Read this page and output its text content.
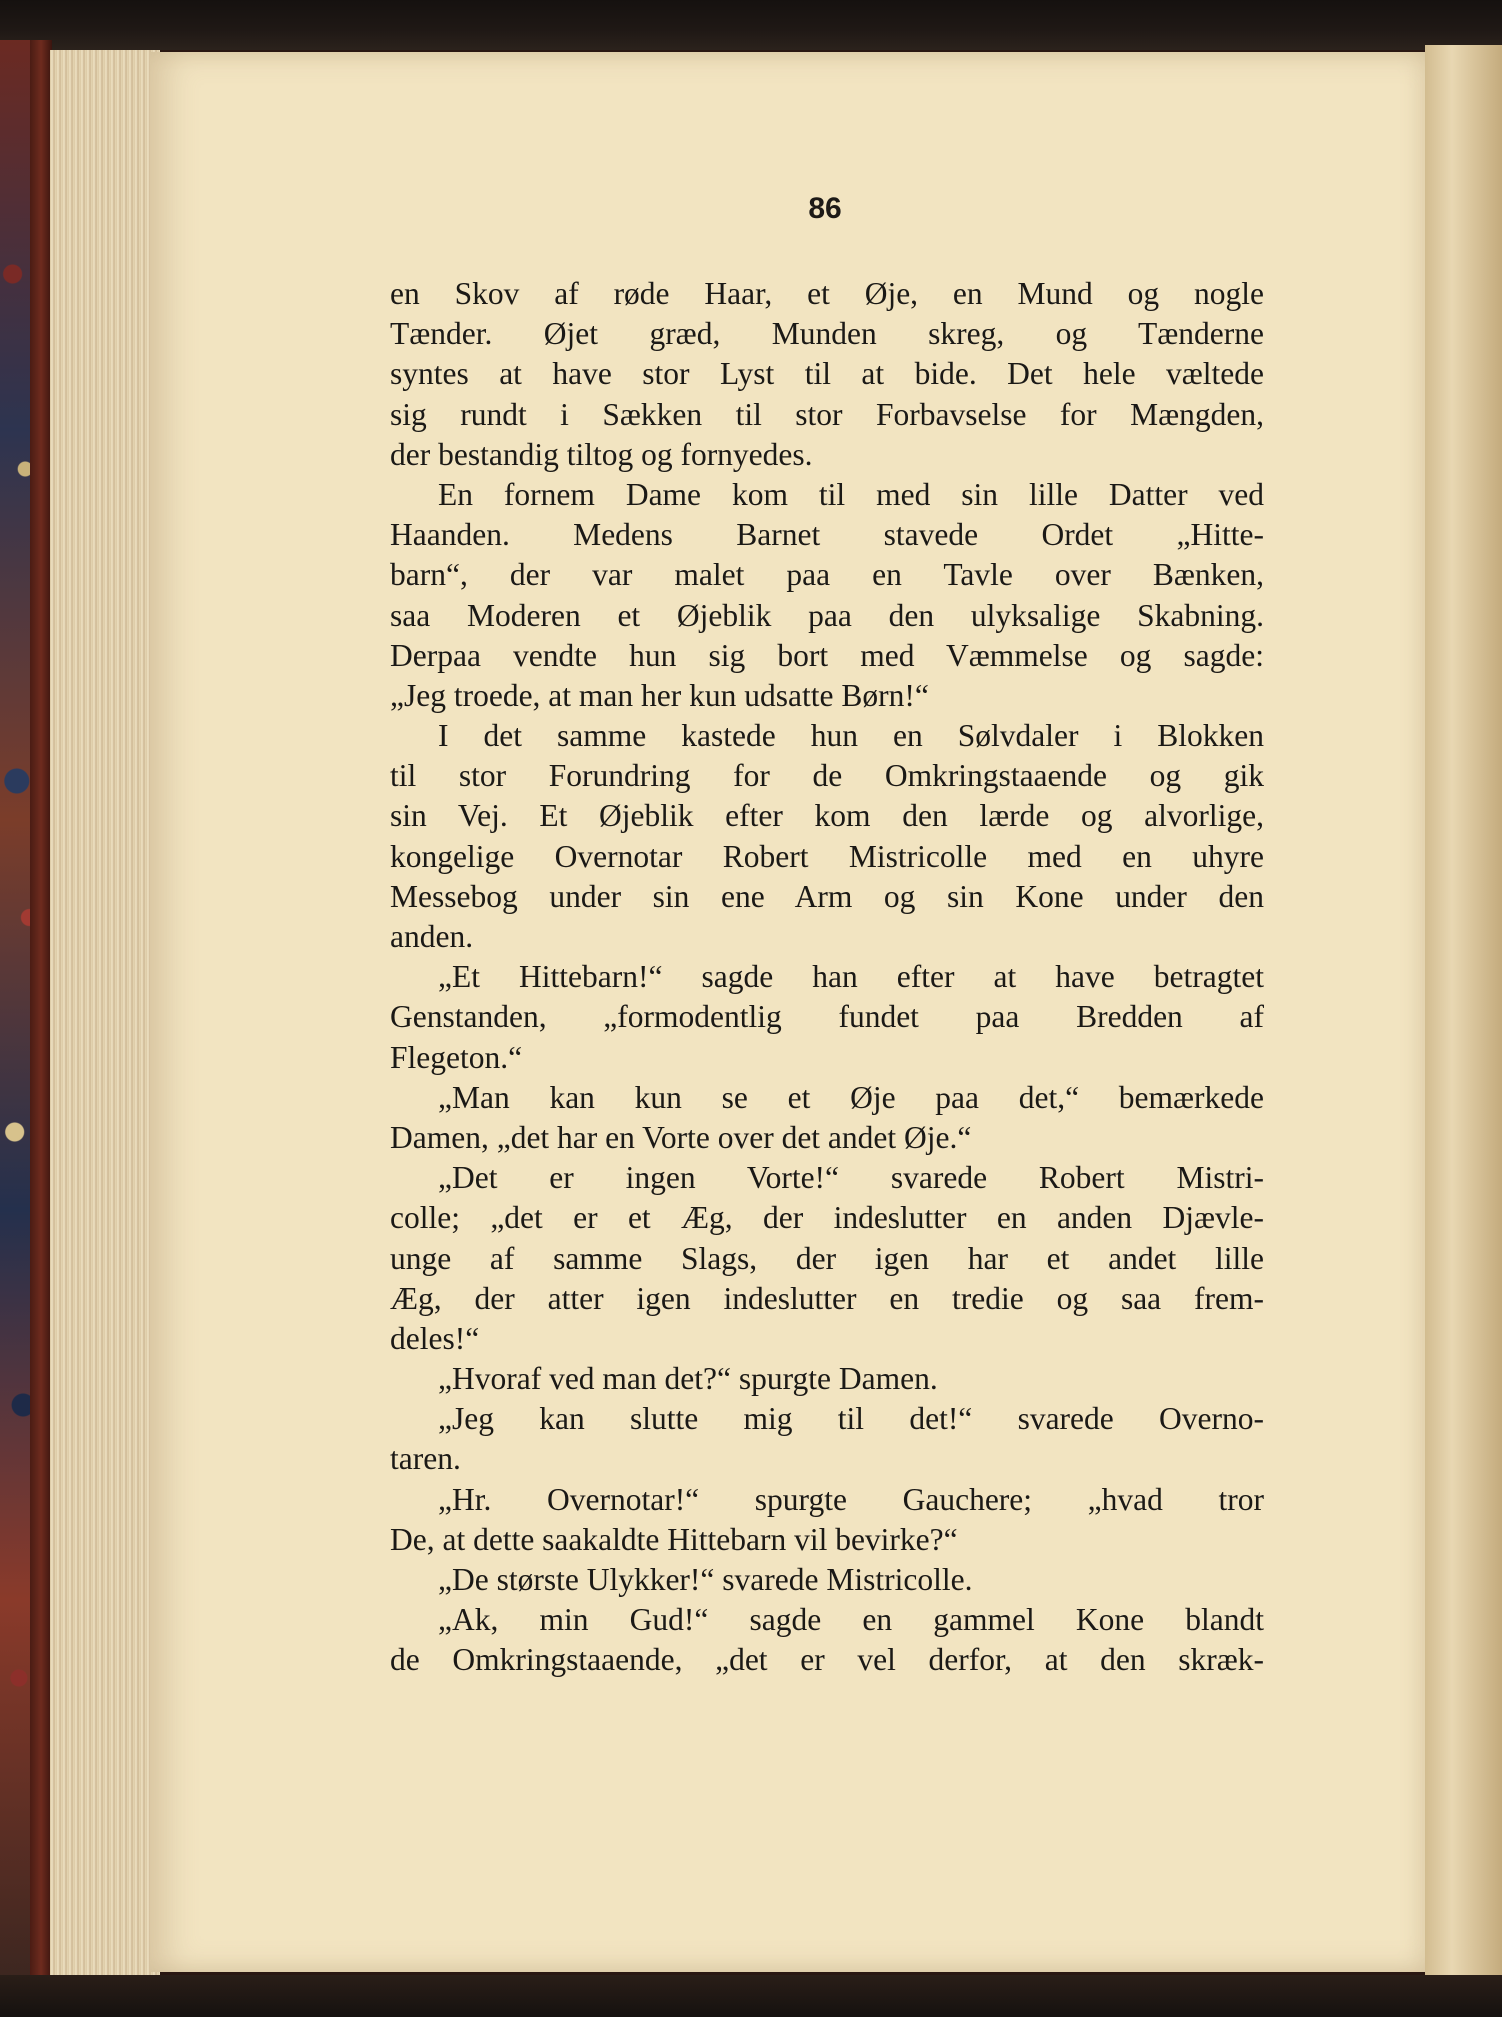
86
en Skov af røde Haar, et Øje, en Mund og nogle
Tænder. Øjet græd, Munden skreg, og Tænderne
syntes at have stor Lyst til at bide. Det hele væltede
sig rundt i Sækken til stor Forbavselse for Mængden,
der bestandig tiltog og fornyedes.
En fornem Dame kom til med sin lille Datter ved
Haanden. Medens Barnet stavede Ordet „Hitte-
barn“, der var malet paa en Tavle over Bænken,
saa Moderen et Øjeblik paa den ulyksalige Skabning.
Derpaa vendte hun sig bort med Væmmelse og sagde:
„Jeg troede, at man her kun udsatte Børn!“
I det samme kastede hun en Sølvdaler i Blokken
til stor Forundring for de Omkringstaaende og gik
sin Vej. Et Øjeblik efter kom den lærde og alvorlige,
kongelige Overnotar Robert Mistricolle med en uhyre
Messebog under sin ene Arm og sin Kone under den
anden.
„Et Hittebarn!“ sagde han efter at have betragtet
Genstanden, „formodentlig fundet paa Bredden af
Flegeton.“
„Man kan kun se et Øje paa det,“ bemærkede
Damen, „det har en Vorte over det andet Øje.“
„Det er ingen Vorte!“ svarede Robert Mistri-
colle; „det er et Æg, der indeslutter en anden Djævle-
unge af samme Slags, der igen har et andet lille
Æg, der atter igen indeslutter en tredie og saa frem-
deles!“
„Hvoraf ved man det?“ spurgte Damen.
„Jeg kan slutte mig til det!“ svarede Overno-
taren.
„Hr. Overnotar!“ spurgte Gauchere; „hvad tror
De, at dette saakaldte Hittebarn vil bevirke?“
„De største Ulykker!“ svarede Mistricolle.
„Ak, min Gud!“ sagde en gammel Kone blandt
de Omkringstaaende, „det er vel derfor, at den skræk-
